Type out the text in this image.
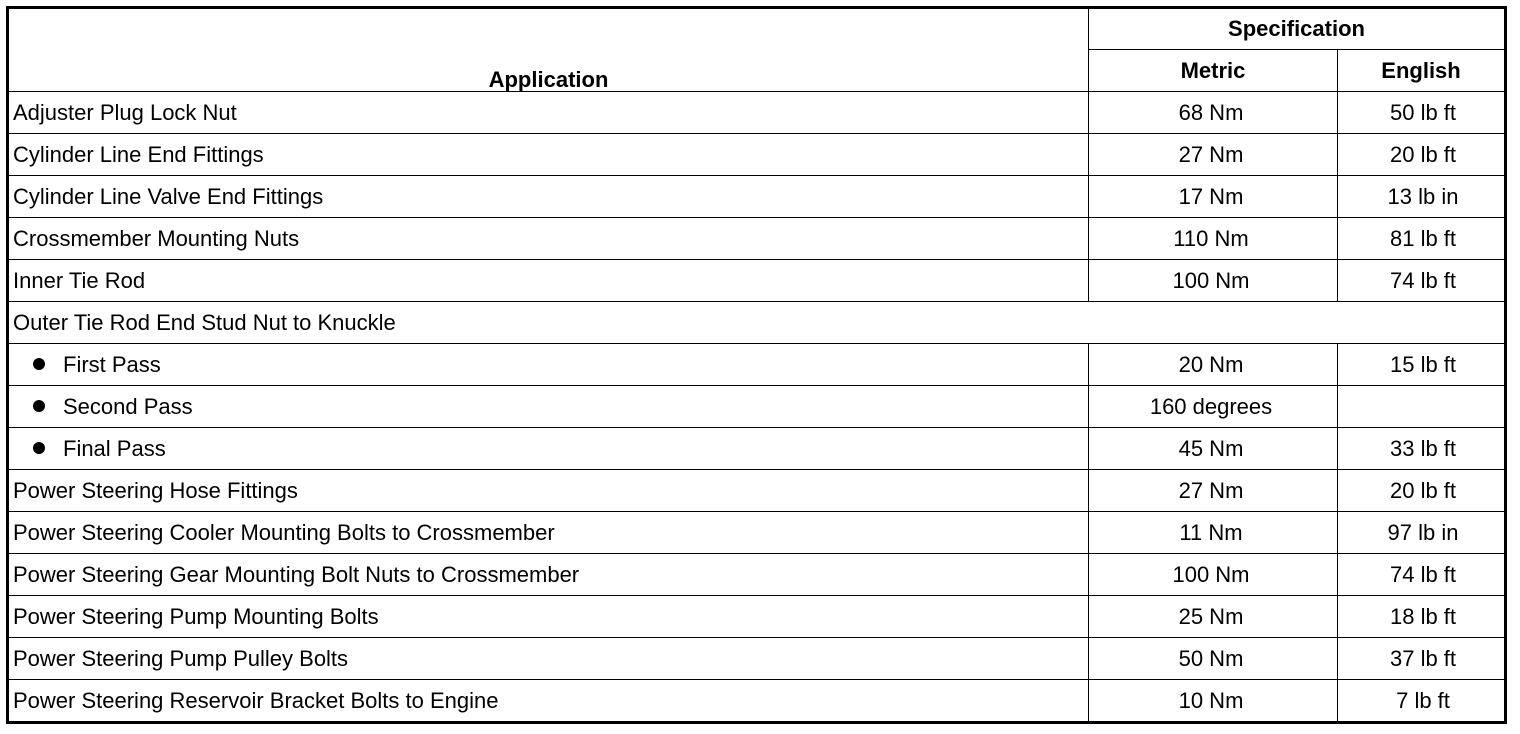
Application	Specification	
	Metric	English
Adjuster Plug Lock Nut	68 Nm	50 lb ft
Cylinder Line End Fittings	27 Nm	20 lb ft
Cylinder Line Valve End Fittings	17 Nm	13 lb in
Crossmember Mounting Nuts	110 Nm	81 lb ft
Inner Tie Rod	100 Nm	74 lb ft
Outer Tie Rod End Stud Nut to Knuckle		
First Pass	20 Nm	15 lb ft
Second Pass	160 degrees	
Final Pass	45 Nm	33 lb ft
Power Steering Hose Fittings	27 Nm	20 lb ft
Power Steering Cooler Mounting Bolts to Crossmember	11 Nm	97 lb in
Power Steering Gear Mounting Bolt Nuts to Crossmember	100 Nm	74 lb ft
Power Steering Pump Mounting Bolts	25 Nm	18 lb ft
Power Steering Pump Pulley Bolts	50 Nm	37 lb ft
Power Steering Reservoir Bracket Bolts to Engine	10 Nm	7 lb ft
